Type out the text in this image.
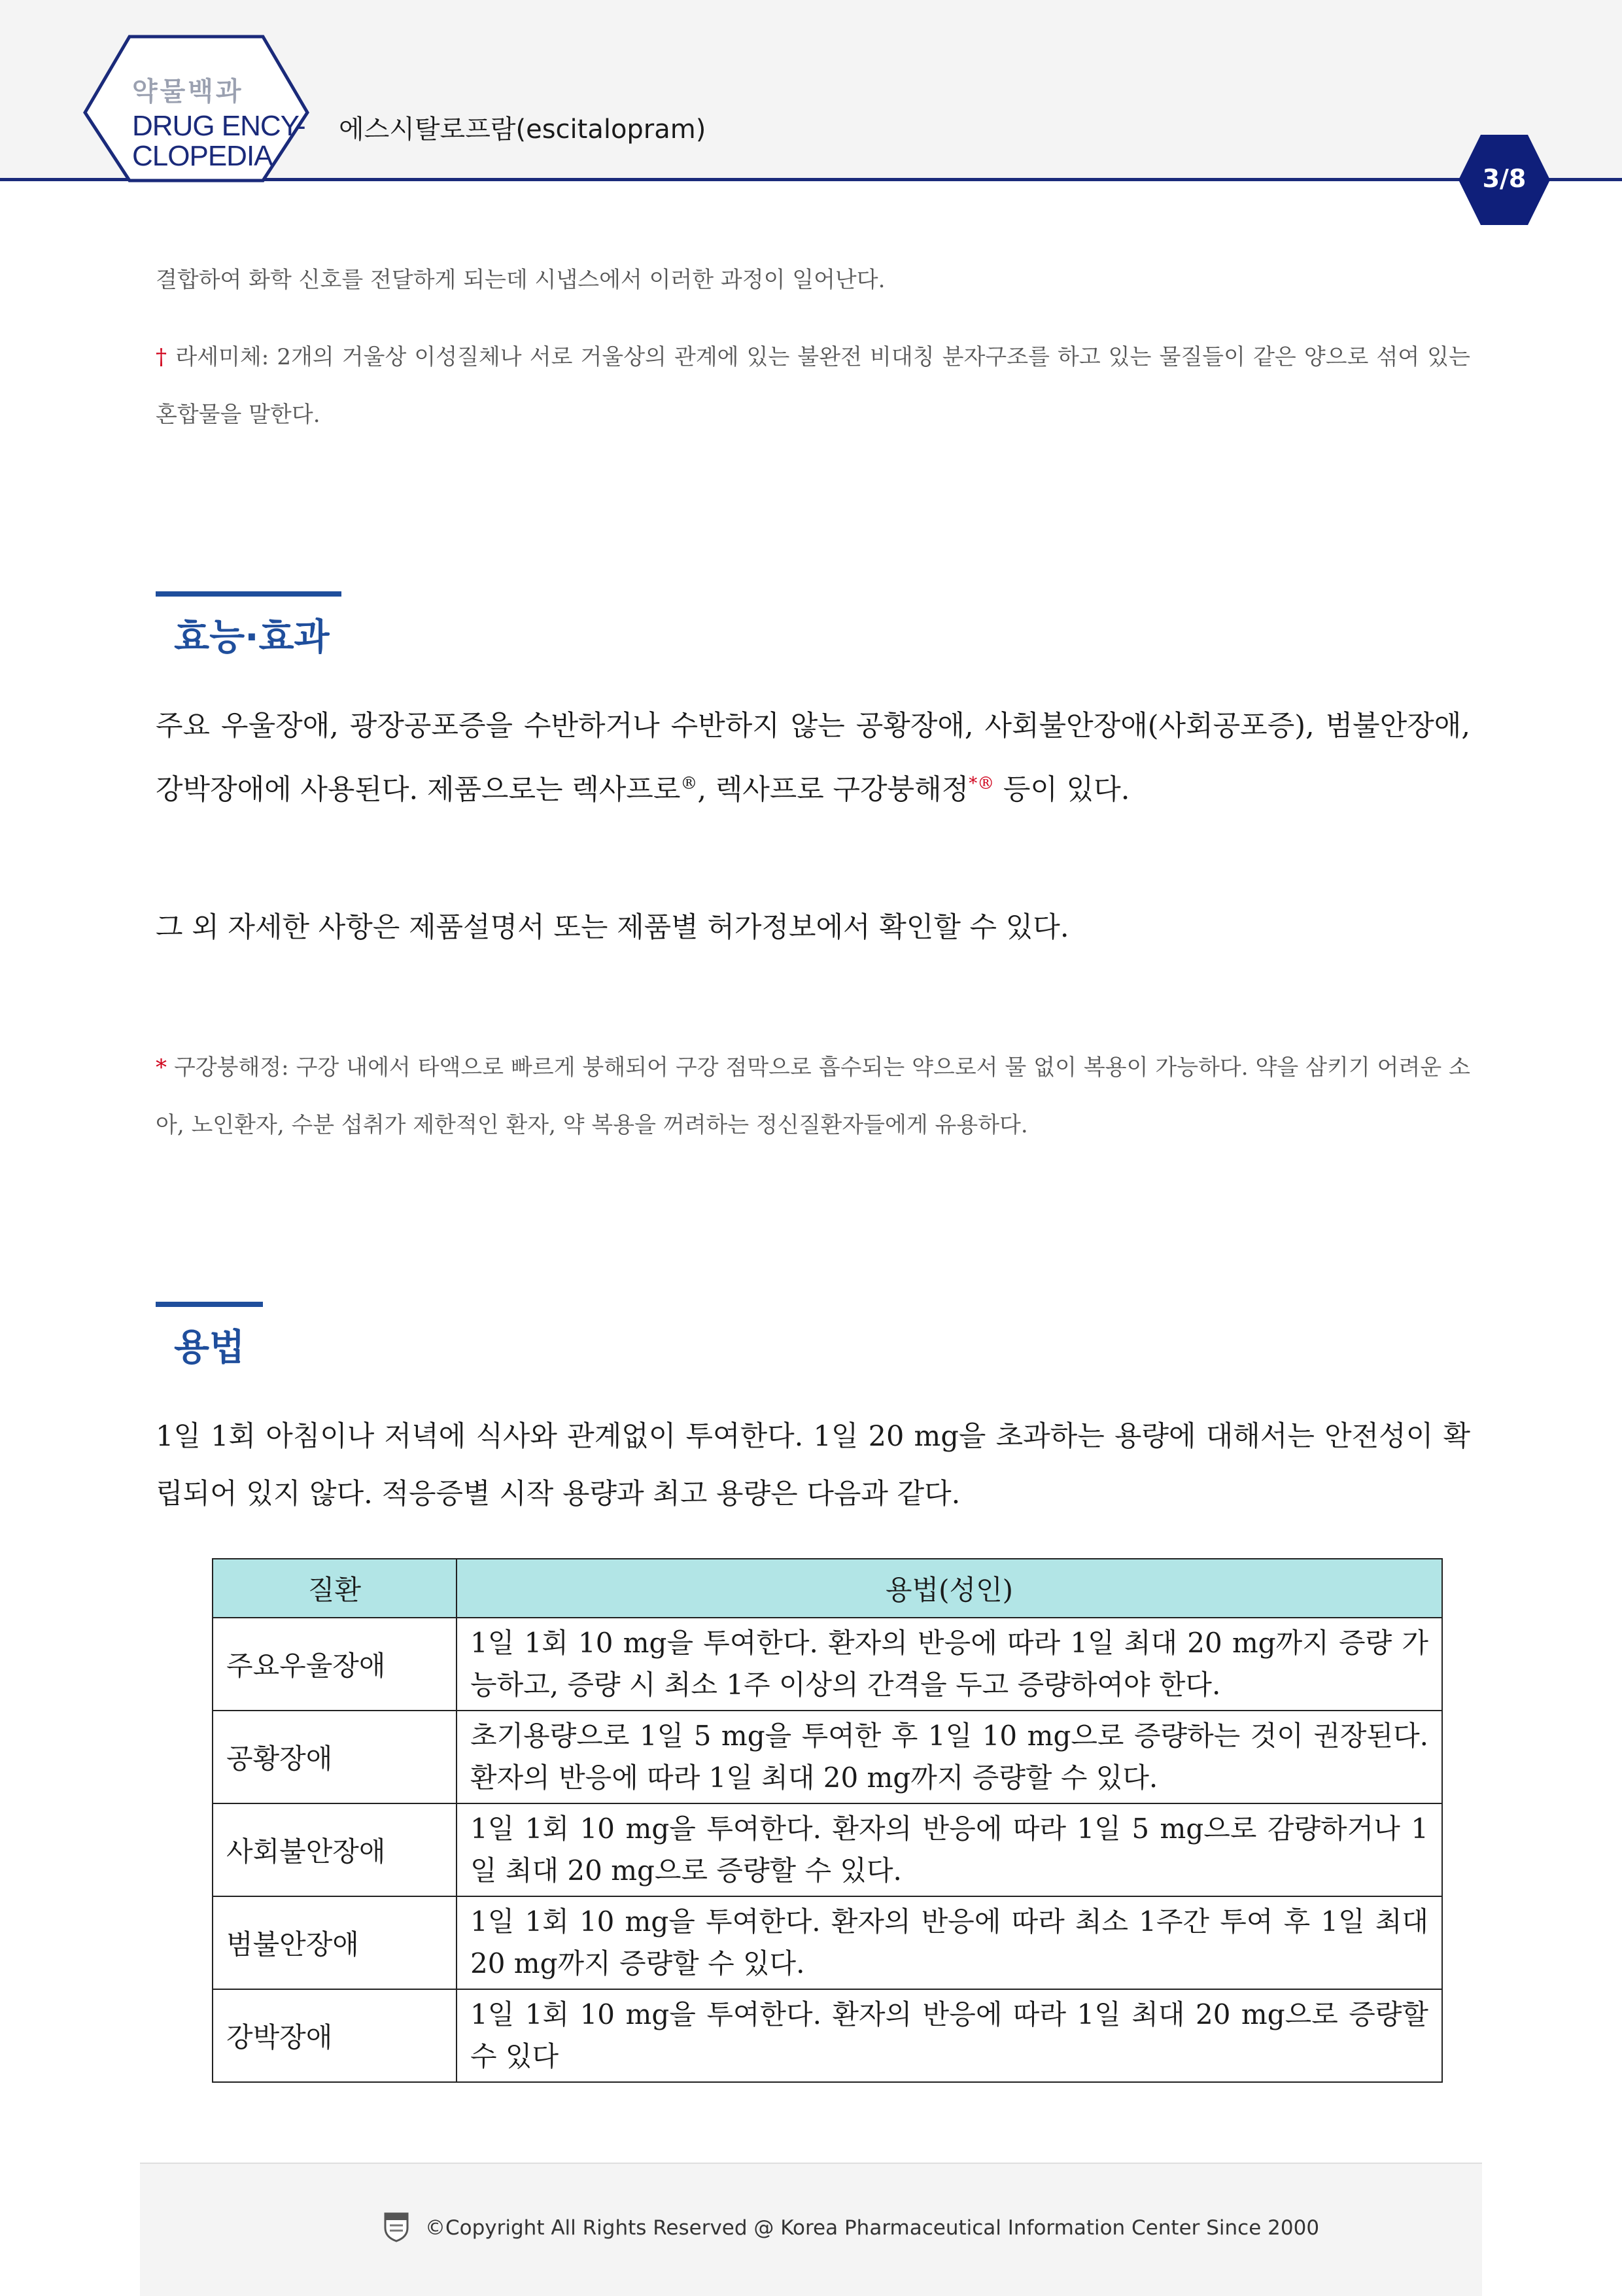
약물백과
DRUG ENCY-
CLOPEDIA
에스시탈로프람(escitalopram)
3/8

결합하여 화학 신호를 전달하게 되는데 시냅스에서 이러한 과정이 일어난다.

† 라세미체: 2개의 거울상 이성질체나 서로 거울상의 관계에 있는 불완전 비대칭 분자구조를 하고 있는 물질들이 같은 양으로 섞여 있는 혼합물을 말한다.

효능·효과

주요 우울장애, 광장공포증을 수반하거나 수반하지 않는 공황장애, 사회불안장애(사회공포증), 범불안장애, 강박장애에 사용된다. 제품으로는 렉사프로®, 렉사프로 구강붕해정*® 등이 있다.

그 외 자세한 사항은 제품설명서 또는 제품별 허가정보에서 확인할 수 있다.

* 구강붕해정: 구강 내에서 타액으로 빠르게 붕해되어 구강 점막으로 흡수되는 약으로서 물 없이 복용이 가능하다. 약을 삼키기 어려운 소아, 노인환자, 수분 섭취가 제한적인 환자, 약 복용을 꺼려하는 정신질환자들에게 유용하다.

용법

1일 1회 아침이나 저녁에 식사와 관계없이 투여한다. 1일 20 mg을 초과하는 용량에 대해서는 안전성이 확립되어 있지 않다. 적응증별 시작 용량과 최고 용량은 다음과 같다.

질환	용법(성인)
주요우울장애	1일 1회 10 mg을 투여한다. 환자의 반응에 따라 1일 최대 20 mg까지 증량 가능하고, 증량 시 최소 1주 이상의 간격을 두고 증량하여야 한다.
공황장애	초기용량으로 1일 5 mg을 투여한 후 1일 10 mg으로 증량하는 것이 권장된다. 환자의 반응에 따라 1일 최대 20 mg까지 증량할 수 있다.
사회불안장애	1일 1회 10 mg을 투여한다. 환자의 반응에 따라 1일 5 mg으로 감량하거나 1일 최대 20 mg으로 증량할 수 있다.
범불안장애	1일 1회 10 mg을 투여한다. 환자의 반응에 따라 최소 1주간 투여 후 1일 최대 20 mg까지 증량할 수 있다.
강박장애	1일 1회 10 mg을 투여한다. 환자의 반응에 따라 1일 최대 20 mg으로 증량할 수 있다
©Copyright All Rights Reserved @ Korea Pharmaceutical Information Center Since 2000
